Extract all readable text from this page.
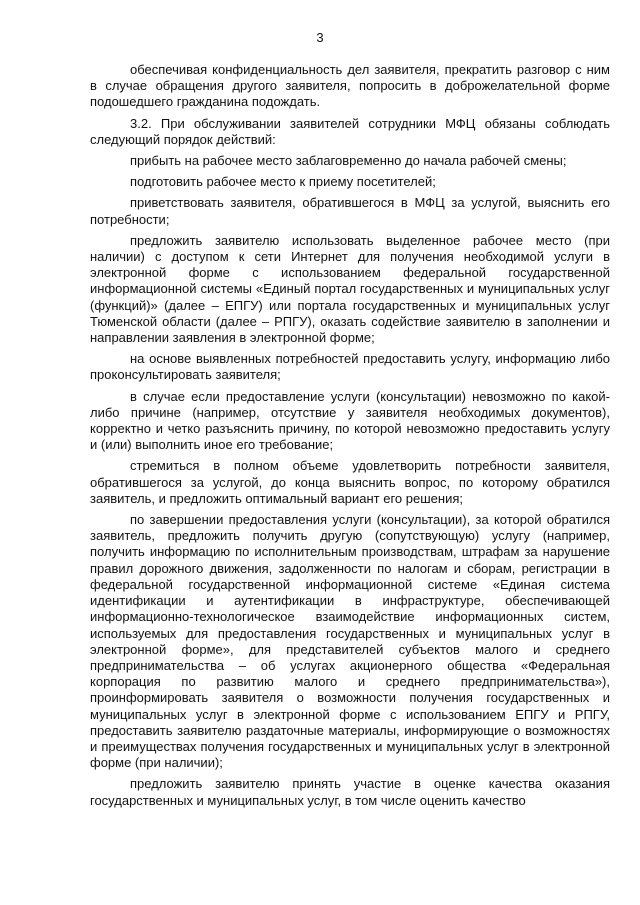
3

обеспечивая конфиденциальность дел заявителя, прекратить разговор с ним в случае обращения другого заявителя, попросить в доброжелательной форме подошедшего гражданина подождать.

3.2. При обслуживании заявителей сотрудники МФЦ обязаны соблюдать следующий порядок действий:

прибыть на рабочее место заблаговременно до начала рабочей смены;

подготовить рабочее место к приему посетителей;

приветствовать заявителя, обратившегося в МФЦ за услугой, выяснить его потребности;

предложить заявителю использовать выделенное рабочее место (при наличии) с доступом к сети Интернет для получения необходимой услуги в электронной форме с использованием федеральной государственной информационной системы «Единый портал государственных и муниципальных услуг (функций)» (далее – ЕПГУ) или портала государственных и муниципальных услуг Тюменской области (далее – РПГУ), оказать содействие заявителю в заполнении и направлении заявления в электронной форме;

на основе выявленных потребностей предоставить услугу, информацию либо проконсультировать заявителя;

в случае если предоставление услуги (консультации) невозможно по какой-либо причине (например, отсутствие у заявителя необходимых документов), корректно и четко разъяснить причину, по которой невозможно предоставить услугу и (или) выполнить иное его требование;

стремиться в полном объеме удовлетворить потребности заявителя, обратившегося за услугой, до конца выяснить вопрос, по которому обратился заявитель, и предложить оптимальный вариант его решения;

по завершении предоставления услуги (консультации), за которой обратился заявитель, предложить получить другую (сопутствующую) услугу (например, получить информацию по исполнительным производствам, штрафам за нарушение правил дорожного движения, задолженности по налогам и сборам, регистрации в федеральной государственной информационной системе «Единая система идентификации и аутентификации в инфраструктуре, обеспечивающей информационно-технологическое взаимодействие информационных систем, используемых для предоставления государственных и муниципальных услуг в электронной форме», для представителей субъектов малого и среднего предпринимательства – об услугах акционерного общества «Федеральная корпорация по развитию малого и среднего предпринимательства»), проинформировать заявителя о возможности получения государственных и муниципальных услуг в электронной форме с использованием ЕПГУ и РПГУ, предоставить заявителю раздаточные материалы, информирующие о возможностях и преимуществах получения государственных и муниципальных услуг в электронной форме (при наличии);

предложить заявителю принять участие в оценке качества оказания государственных и муниципальных услуг, в том числе оценить качество
